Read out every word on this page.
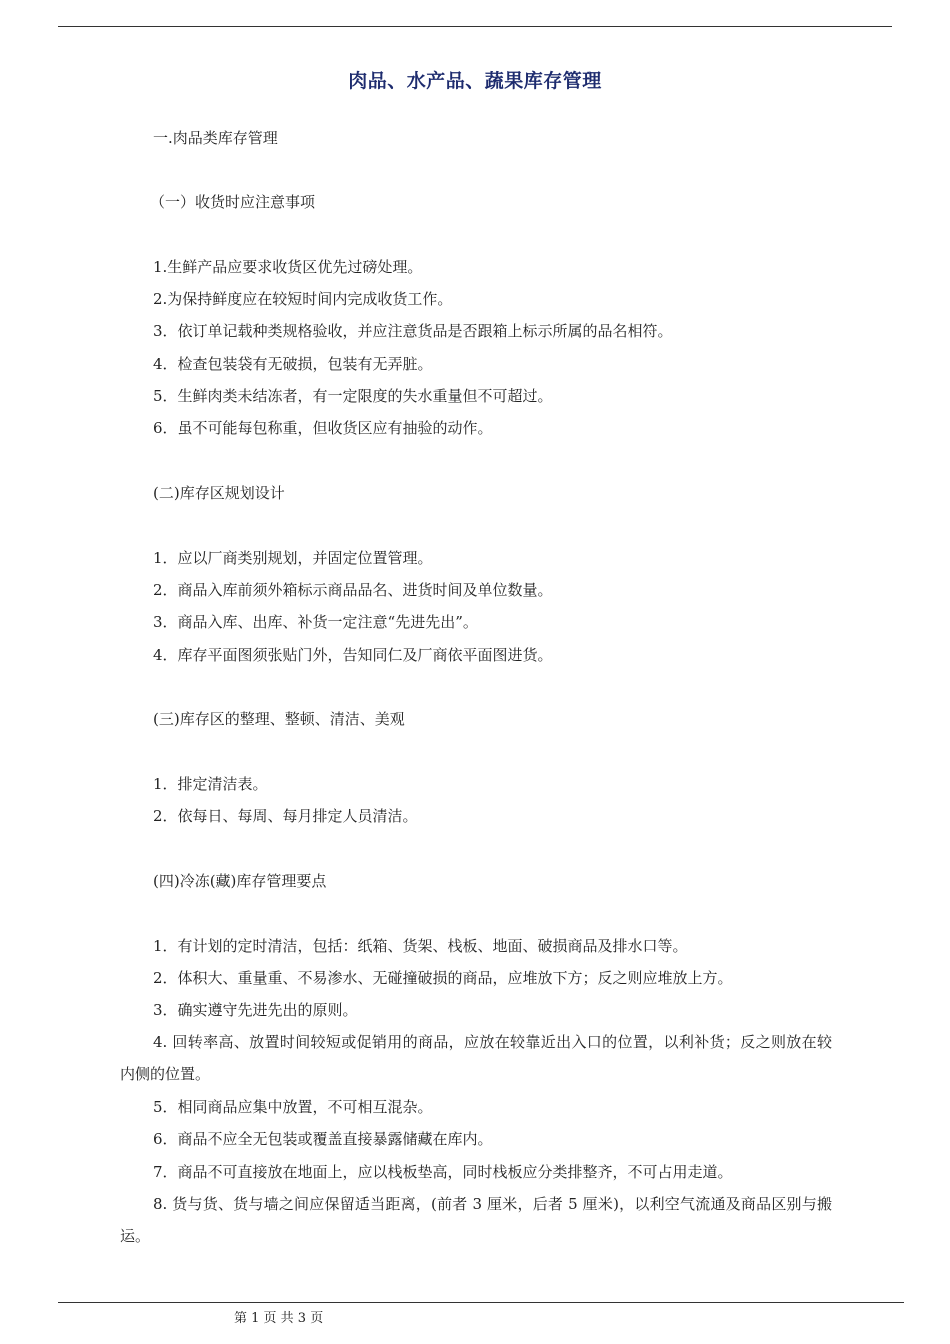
肉品、水产品、蔬果库存管理
一.肉品类库存管理
（一）收货时应注意事项
1.生鲜产品应要求收货区优先过磅处理。
2.为保持鲜度应在较短时间内完成收货工作。
3．依订单记载种类规格验收，并应注意货品是否跟箱上标示所属的品名相符。
4．检查包装袋有无破损，包装有无弄脏。
5．生鲜肉类未结冻者，有一定限度的失水重量但不可超过。
6．虽不可能每包称重，但收货区应有抽验的动作。
(二)库存区规划设计
1．应以厂商类别规划，并固定位置管理。
2．商品入库前须外箱标示商品品名、进货时间及单位数量。
3．商品入库、出库、补货一定注意“先进先出”。
4．库存平面图须张贴门外，告知同仁及厂商依平面图进货。
(三)库存区的整理、整顿、清洁、美观
1．排定清洁表。
2．依每日、每周、每月排定人员清洁。
(四)冷冻(藏)库存管理要点
1．有计划的定时清洁，包括：纸箱、货架、栈板、地面、破损商品及排水口等。
2．体积大、重量重、不易渗水、无碰撞破损的商品，应堆放下方；反之则应堆放上方。
3．确实遵守先进先出的原则。
4. 回转率高、放置时间较短或促销用的商品，应放在较靠近出入口的位置，以利补货；反之则放在较内侧的位置。
5．相同商品应集中放置，不可相互混杂。
6．商品不应全无包装或覆盖直接暴露储藏在库内。
7．商品不可直接放在地面上，应以栈板垫高，同时栈板应分类排整齐，不可占用走道。
8. 货与货、货与墙之间应保留适当距离，(前者 3 厘米，后者 5 厘米)，以利空气流通及商品区别与搬运。
第 1 页 共 3 页
